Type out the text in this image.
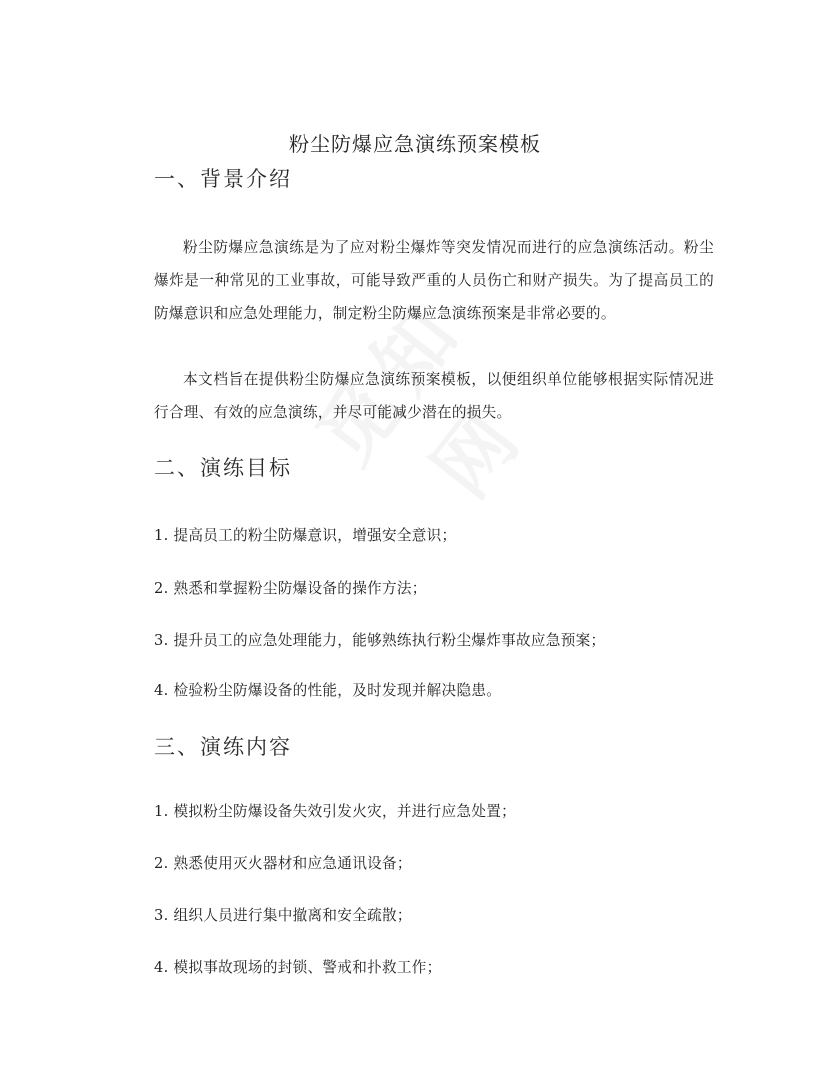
粉尘防爆应急演练预案模板
一、背景介绍
粉尘防爆应急演练是为了应对粉尘爆炸等突发情况而进行的应急演练活动。粉尘爆炸是一种常见的工业事故，可能导致严重的人员伤亡和财产损失。为了提高员工的防爆意识和应急处理能力，制定粉尘防爆应急演练预案是非常必要的。
本文档旨在提供粉尘防爆应急演练预案模板，以便组织单位能够根据实际情况进行合理、有效的应急演练，并尽可能减少潜在的损失。
二、演练目标
1. 提高员工的粉尘防爆意识，增强安全意识；
2. 熟悉和掌握粉尘防爆设备的操作方法；
3. 提升员工的应急处理能力，能够熟练执行粉尘爆炸事故应急预案；
4. 检验粉尘防爆设备的性能，及时发现并解决隐患。
三、演练内容
1. 模拟粉尘防爆设备失效引发火灾，并进行应急处置；
2. 熟悉使用灭火器材和应急通讯设备；
3. 组织人员进行集中撤离和安全疏散；
4. 模拟事故现场的封锁、警戒和扑救工作；
